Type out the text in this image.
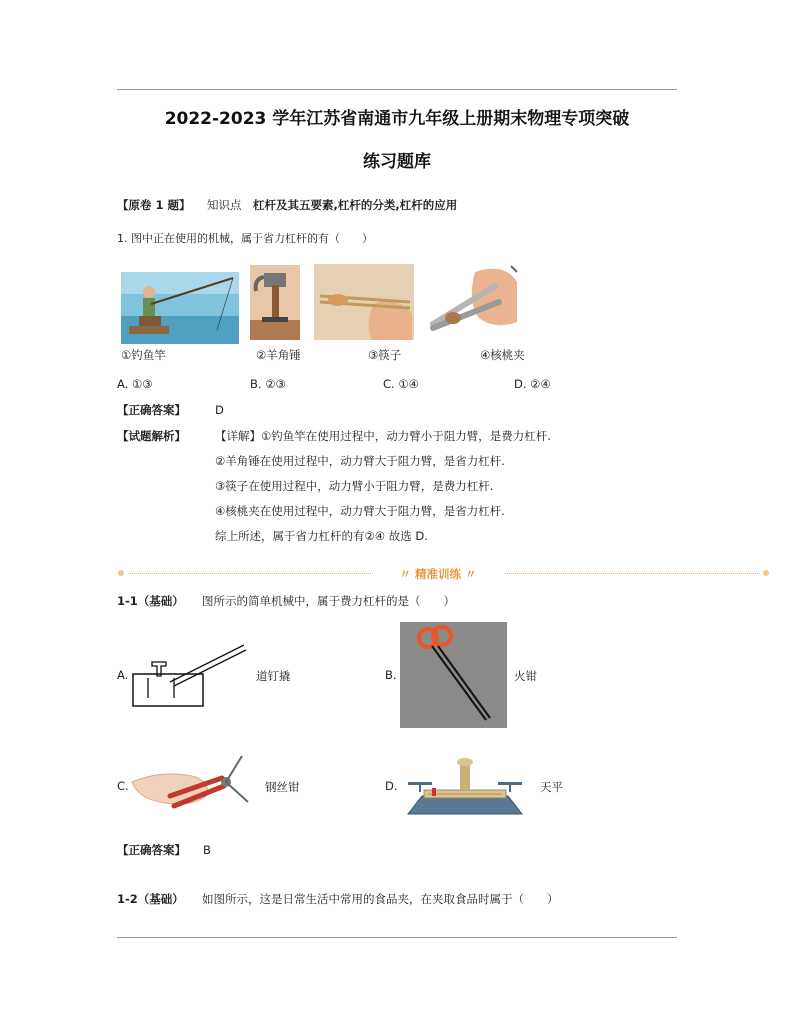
2022-2023 学年江苏省南通市九年级上册期末物理专项突破
练习题库
【原卷 1 题】 知识点 杠杆及其五要素,杠杆的分类,杠杆的应用
1. 图中正在使用的机械，属于省力杠杆的有（　　）
①钓鱼竿	②羊角锤	③筷子	④核桃夹
A. ①③	B. ②③	C. ①④	D. ②④
【正确答案】	D
【试题解析】	【详解】①钓鱼竿在使用过程中，动力臂小于阻力臂，是费力杠杆.
②羊角锤在使用过程中，动力臂大于阻力臂，是省力杠杆.
③筷子在使用过程中，动力臂小于阻力臂，是费力杠杆.
④核桃夹在使用过程中，动力臂大于阻力臂，是省力杠杆.
综上所述，属于省力杠杆的有②④ 故选 D.
〃 精准训练 〃
1-1（基础） 图所示的简单机械中，属于费力杠杆的是（　　）
A.	道钉撬	B.	火钳
C.	钢丝钳	D.	天平
【正确答案】 B
1-2（基础） 如图所示，这是日常生活中常用的食品夹，在夹取食品时属于（　　）
